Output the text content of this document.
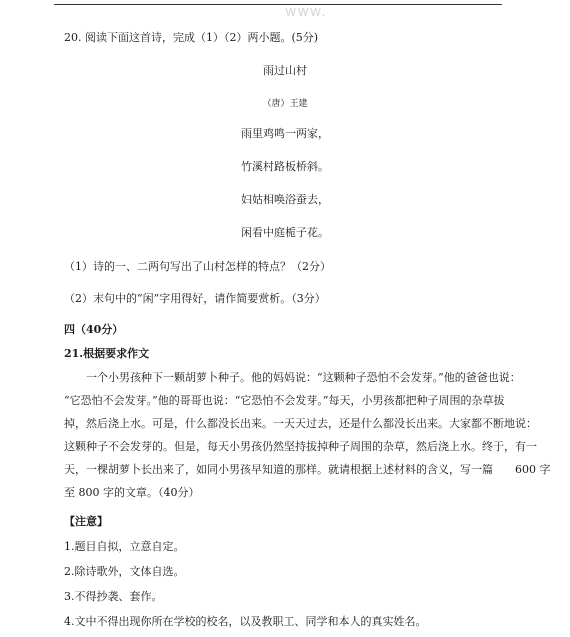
www.
20. 阅读下面这首诗，完成（1）（2）两小题。(5分)
雨过山村
（唐）王建
雨里鸡鸣一两家，
竹溪村路板桥斜。
妇姑相唤浴蚕去，
闲看中庭栀子花。
（1）诗的一、二两句写出了山村怎样的特点？（2分）
（2）末句中的“闲”字用得好，请作简要赏析。（3分）
四（40分）
21.根据要求作文
　　一个小男孩种下一颗胡萝卜种子。他的妈妈说：“这颗种子恐怕不会发芽。”他的爸爸也说：
“它恐怕不会发芽。”他的哥哥也说：“它恐怕不会发芽。”每天，小男孩都把种子周围的杂草拔
掉，然后浇上水。可是，什么都没长出来。一天天过去，还是什么都没长出来。大家都不断地说：
这颗种子不会发芽的。但是，每天小男孩仍然坚持拔掉种子周围的杂草，然后浇上水。终于，有一
天，一棵胡萝卜长出来了，如同小男孩早知道的那样。就请根据上述材料的含义，写一篇　　600 字
至 800 字的文章。（40分）
【注意】
1.题目自拟，立意自定。
2.除诗歌外，文体自选。
3.不得抄袭、套作。
4.文中不得出现你所在学校的校名，以及教职工、同学和本人的真实姓名。
